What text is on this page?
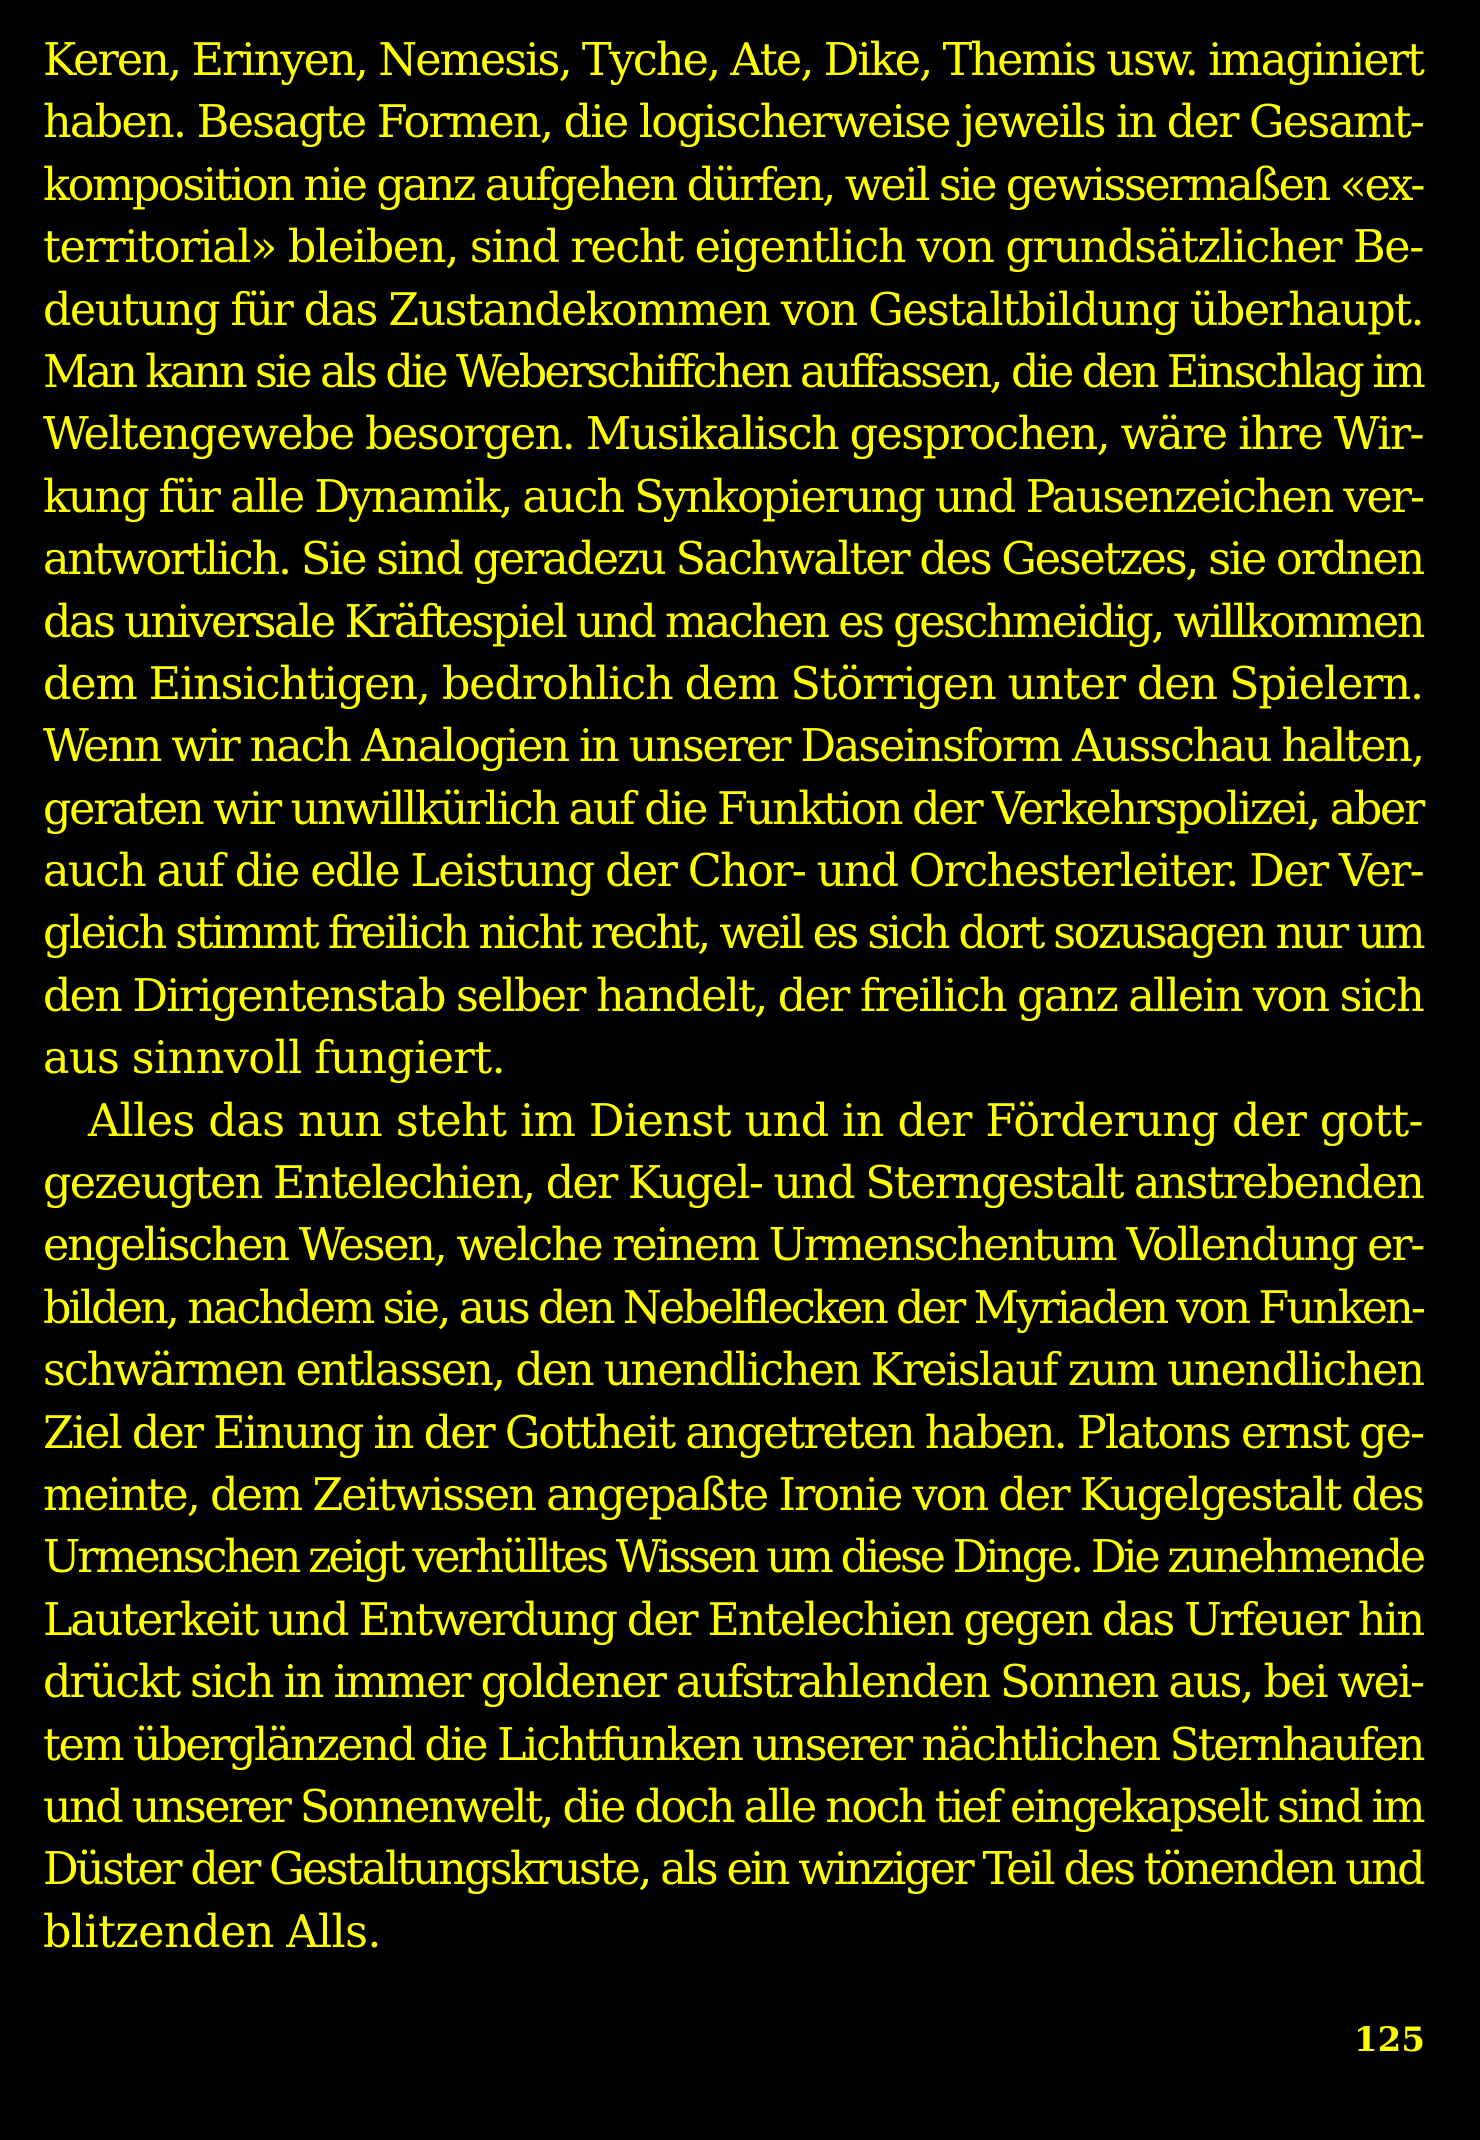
Keren, Erinyen, Nemesis, Tyche, Ate, Dike, Themis usw. imaginiert
haben. Besagte Formen, die logischerweise jeweils in der Gesamt-
komposition nie ganz aufgehen dürfen, weil sie gewissermaßen «ex-
territorial» bleiben, sind recht eigentlich von grundsätzlicher Be-
deutung für das Zustandekommen von Gestaltbildung überhaupt.
Man kann sie als die Weberschiffchen auffassen, die den Einschlag im
Weltengewebe besorgen. Musikalisch gesprochen, wäre ihre Wir-
kung für alle Dynamik, auch Synkopierung und Pausenzeichen ver-
antwortlich. Sie sind geradezu Sachwalter des Gesetzes, sie ordnen
das universale Kräftespiel und machen es geschmeidig, willkommen
dem Einsichtigen, bedrohlich dem Störrigen unter den Spielern.
Wenn wir nach Analogien in unserer Daseinsform Ausschau halten,
geraten wir unwillkürlich auf die Funktion der Verkehrspolizei, aber
auch auf die edle Leistung der Chor- und Orchesterleiter. Der Ver-
gleich stimmt freilich nicht recht, weil es sich dort sozusagen nur um
den Dirigentenstab selber handelt, der freilich ganz allein von sich
aus sinnvoll fungiert.
Alles das nun steht im Dienst und in der Förderung der gott-
gezeugten Entelechien, der Kugel- und Sterngestalt anstrebenden
engelischen Wesen, welche reinem Urmenschentum Vollendung er-
bilden, nachdem sie, aus den Nebelflecken der Myriaden von Funken-
schwärmen entlassen, den unendlichen Kreislauf zum unendlichen
Ziel der Einung in der Gottheit angetreten haben. Platons ernst ge-
meinte, dem Zeitwissen angepaßte Ironie von der Kugelgestalt des
Urmenschen zeigt verhülltes Wissen um diese Dinge. Die zunehmende
Lauterkeit und Entwerdung der Entelechien gegen das Urfeuer hin
drückt sich in immer goldener aufstrahlenden Sonnen aus, bei wei-
tem überglänzend die Lichtfunken unserer nächtlichen Sternhaufen
und unserer Sonnenwelt, die doch alle noch tief eingekapselt sind im
Düster der Gestaltungskruste, als ein winziger Teil des tönenden und
blitzenden Alls.
125
